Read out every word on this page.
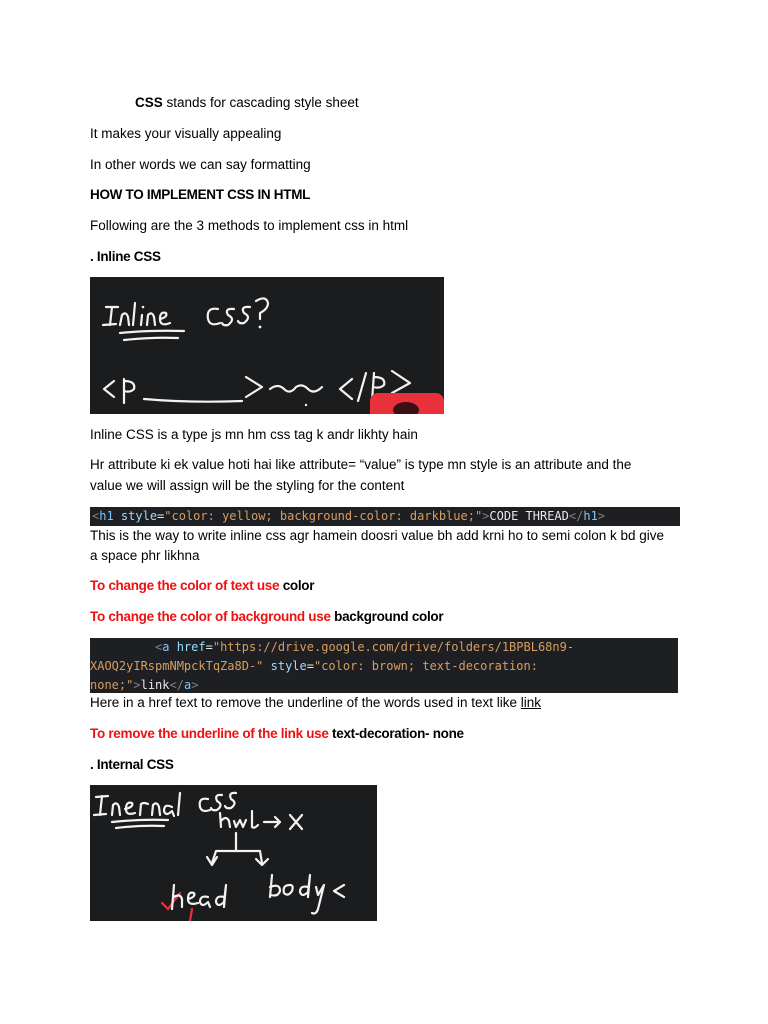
CSS stands for cascading style sheet
It makes your visually appealing
In other words we can say formatting
HOW TO IMPLEMENT CSS IN HTML
Following are the 3 methods to implement css in html
. Inline CSS
Inline CSS is a type js mn hm css tag k andr likhty hain
Hr attribute ki ek value hoti hai like attribute= “value” is type mn style is an attribute and the
value we will assign will be the styling for the content
<h1 style="color: yellow; background-color: darkblue;">CODE THREAD</h1>
This is the way to write inline css agr hamein doosri value bh add krni ho to semi colon k bd give
a space phr likhna
To change the color of text use color
To change the color of background use background color
<a href="https://drive.google.com/drive/folders/1BPBL68n9-
XAOQ2yIRspmNMpckTqZa8D-" style="color: brown; text-decoration:
none;">link</a>
Here in a href text to remove the underline of the words used in text like link
To remove the underline of the link use text-decoration- none
. Internal CSS
